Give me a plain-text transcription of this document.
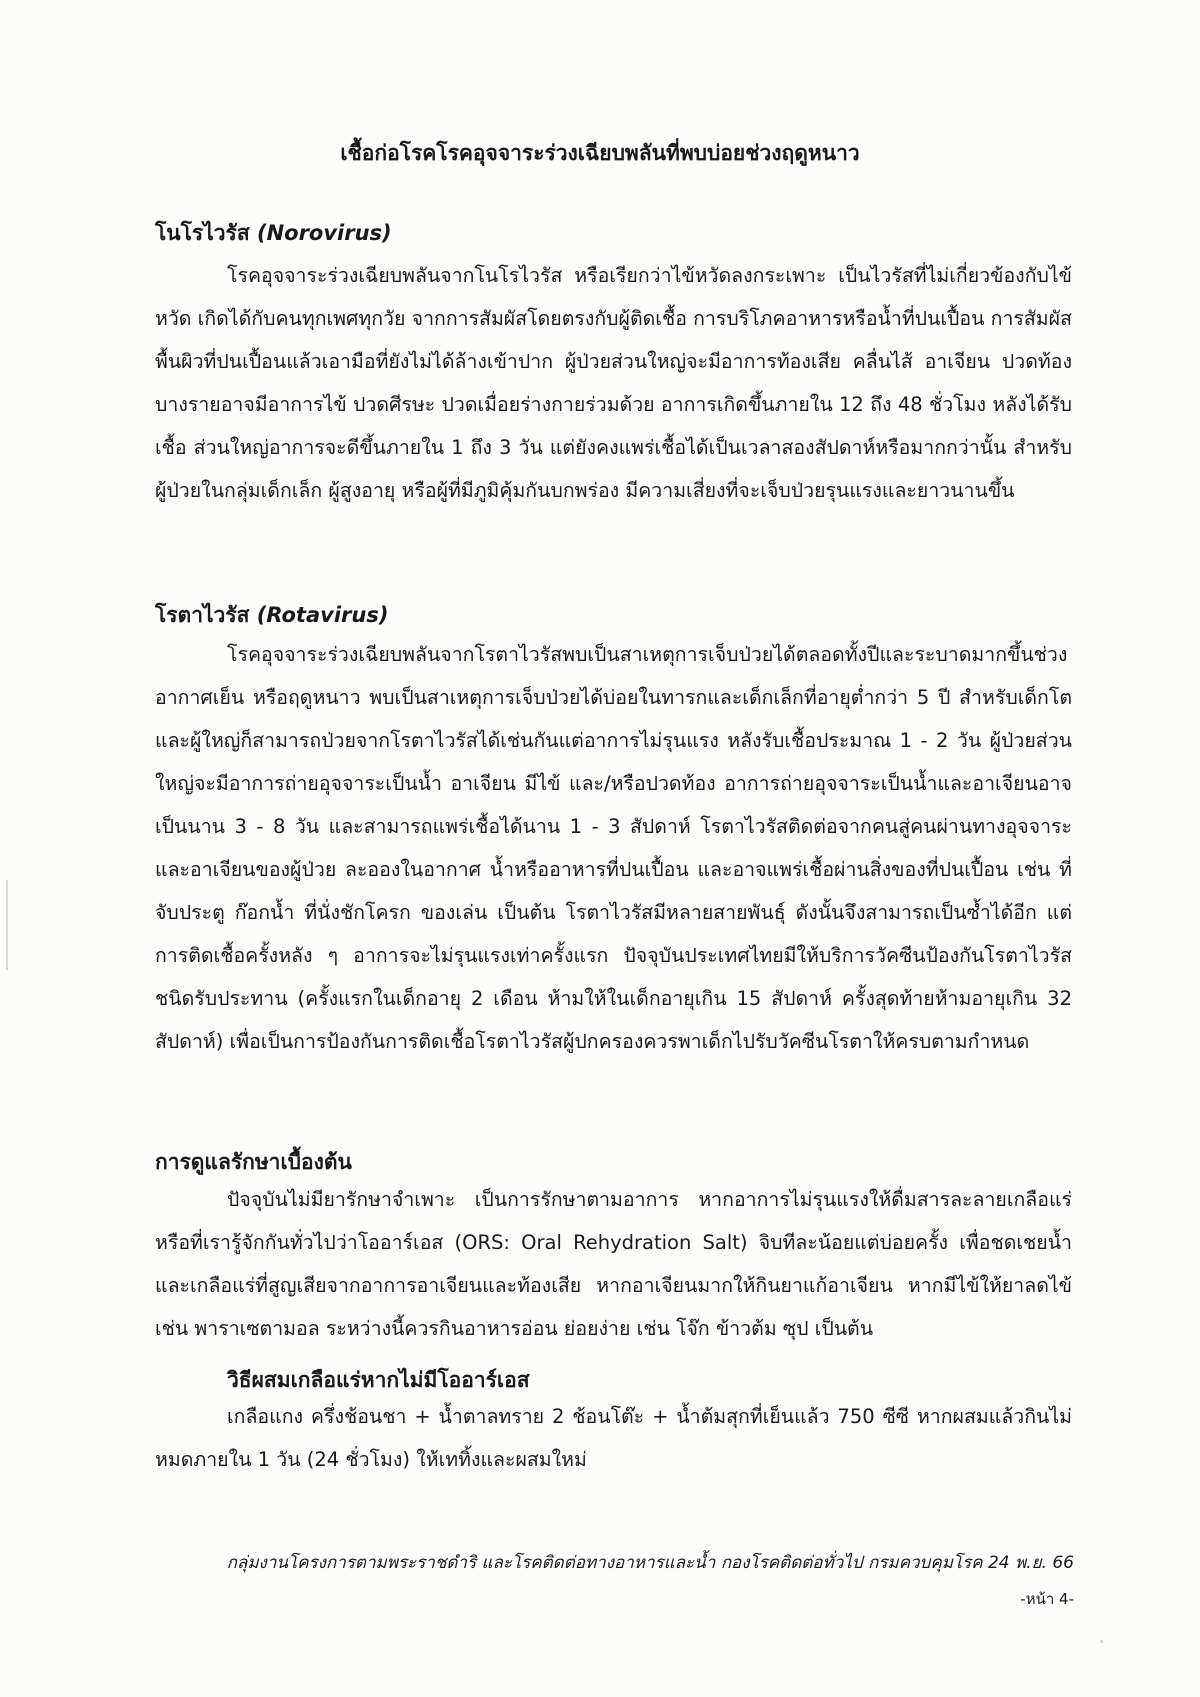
เชื้อก่อโรคโรคอุจจาระร่วงเฉียบพลันที่พบบ่อยช่วงฤดูหนาว
โนโรไวรัส (Norovirus)

โรคอุจจาระร่วงเฉียบพลันจากโนโรไวรัส หรือเรียกว่าไข้หวัดลงกระเพาะ เป็นไวรัสที่ไม่เกี่ยวข้องกับไข้หวัด เกิดได้กับคนทุกเพศทุกวัย จากการสัมผัสโดยตรงกับผู้ติดเชื้อ การบริโภคอาหารหรือน้ำที่ปนเปื้อน การสัมผัสพื้นผิวที่ปนเปื้อนแล้วเอามือที่ยังไม่ได้ล้างเข้าปาก ผู้ป่วยส่วนใหญ่จะมีอาการท้องเสีย คลื่นไส้ อาเจียน ปวดท้อง บางรายอาจมีอาการไข้ ปวดศีรษะ ปวดเมื่อยร่างกายร่วมด้วย อาการเกิดขึ้นภายใน 12 ถึง 48 ชั่วโมง หลังได้รับเชื้อ ส่วนใหญ่อาการจะดีขึ้นภายใน 1 ถึง 3 วัน แต่ยังคงแพร่เชื้อได้เป็นเวลาสองสัปดาห์หรือมากกว่านั้น สำหรับผู้ป่วยในกลุ่มเด็กเล็ก ผู้สูงอายุ หรือผู้ที่มีภูมิคุ้มกันบกพร่อง มีความเสี่ยงที่จะเจ็บป่วยรุนแรงและยาวนานขึ้น

โรตาไวรัส (Rotavirus)

โรคอุจจาระร่วงเฉียบพลันจากโรตาไวรัสพบเป็นสาเหตุการเจ็บป่วยได้ตลอดทั้งปีและระบาดมากขึ้นช่วงอากาศเย็น หรือฤดูหนาว พบเป็นสาเหตุการเจ็บป่วยได้บ่อยในทารกและเด็กเล็กที่อายุต่ำกว่า 5 ปี สำหรับเด็กโตและผู้ใหญ่ก็สามารถป่วยจากโรตาไวรัสได้เช่นกันแต่อาการไม่รุนแรง หลังรับเชื้อประมาณ 1 - 2 วัน ผู้ป่วยส่วนใหญ่จะมีอาการถ่ายอุจจาระเป็นน้ำ อาเจียน มีไข้ และ/หรือปวดท้อง อาการถ่ายอุจจาระเป็นน้ำและอาเจียนอาจเป็นนาน 3 - 8 วัน และสามารถแพร่เชื้อได้นาน 1 - 3 สัปดาห์ โรตาไวรัสติดต่อจากคนสู่คนผ่านทางอุจจาระและอาเจียนของผู้ป่วย ละอองในอากาศ น้ำหรืออาหารที่ปนเปื้อน และอาจแพร่เชื้อผ่านสิ่งของที่ปนเปื้อน เช่น ที่จับประตู ก๊อกน้ำ ที่นั่งชักโครก ของเล่น เป็นต้น โรตาไวรัสมีหลายสายพันธุ์ ดังนั้นจึงสามารถเป็นซ้ำได้อีก แต่การติดเชื้อครั้งหลัง ๆ อาการจะไม่รุนแรงเท่าครั้งแรก ปัจจุบันประเทศไทยมีให้บริการวัคซีนป้องกันโรตาไวรัสชนิดรับประทาน (ครั้งแรกในเด็กอายุ 2 เดือน ห้ามให้ในเด็กอายุเกิน 15 สัปดาห์ ครั้งสุดท้ายห้ามอายุเกิน 32 สัปดาห์) เพื่อเป็นการป้องกันการติดเชื้อโรตาไวรัสผู้ปกครองควรพาเด็กไปรับวัคซีนโรตาให้ครบตามกำหนด

การดูแลรักษาเบื้องต้น

ปัจจุบันไม่มียารักษาจำเพาะ เป็นการรักษาตามอาการ หากอาการไม่รุนแรงให้ดื่มสารละลายเกลือแร่หรือที่เรารู้จักกันทั่วไปว่าโออาร์เอส (ORS: Oral Rehydration Salt) จิบทีละน้อยแต่บ่อยครั้ง เพื่อชดเชยน้ำและเกลือแร่ที่สูญเสียจากอาการอาเจียนและท้องเสีย หากอาเจียนมากให้กินยาแก้อาเจียน หากมีไข้ให้ยาลดไข้ เช่น พาราเซตามอล ระหว่างนี้ควรกินอาหารอ่อน ย่อยง่าย เช่น โจ๊ก ข้าวต้ม ซุป เป็นต้น

วิธีผสมเกลือแร่หากไม่มีโออาร์เอส

เกลือแกง ครึ่งช้อนชา + น้ำตาลทราย 2 ช้อนโต๊ะ + น้ำต้มสุกที่เย็นแล้ว 750 ซีซี หากผสมแล้วกินไม่หมดภายใน 1 วัน (24 ชั่วโมง) ให้เททิ้งและผสมใหม่

กลุ่มงานโครงการตามพระราชดำริ และโรคติดต่อทางอาหารและน้ำ กองโรคติดต่อทั่วไป กรมควบคุมโรค 24 พ.ย. 66
-หน้า 4-
